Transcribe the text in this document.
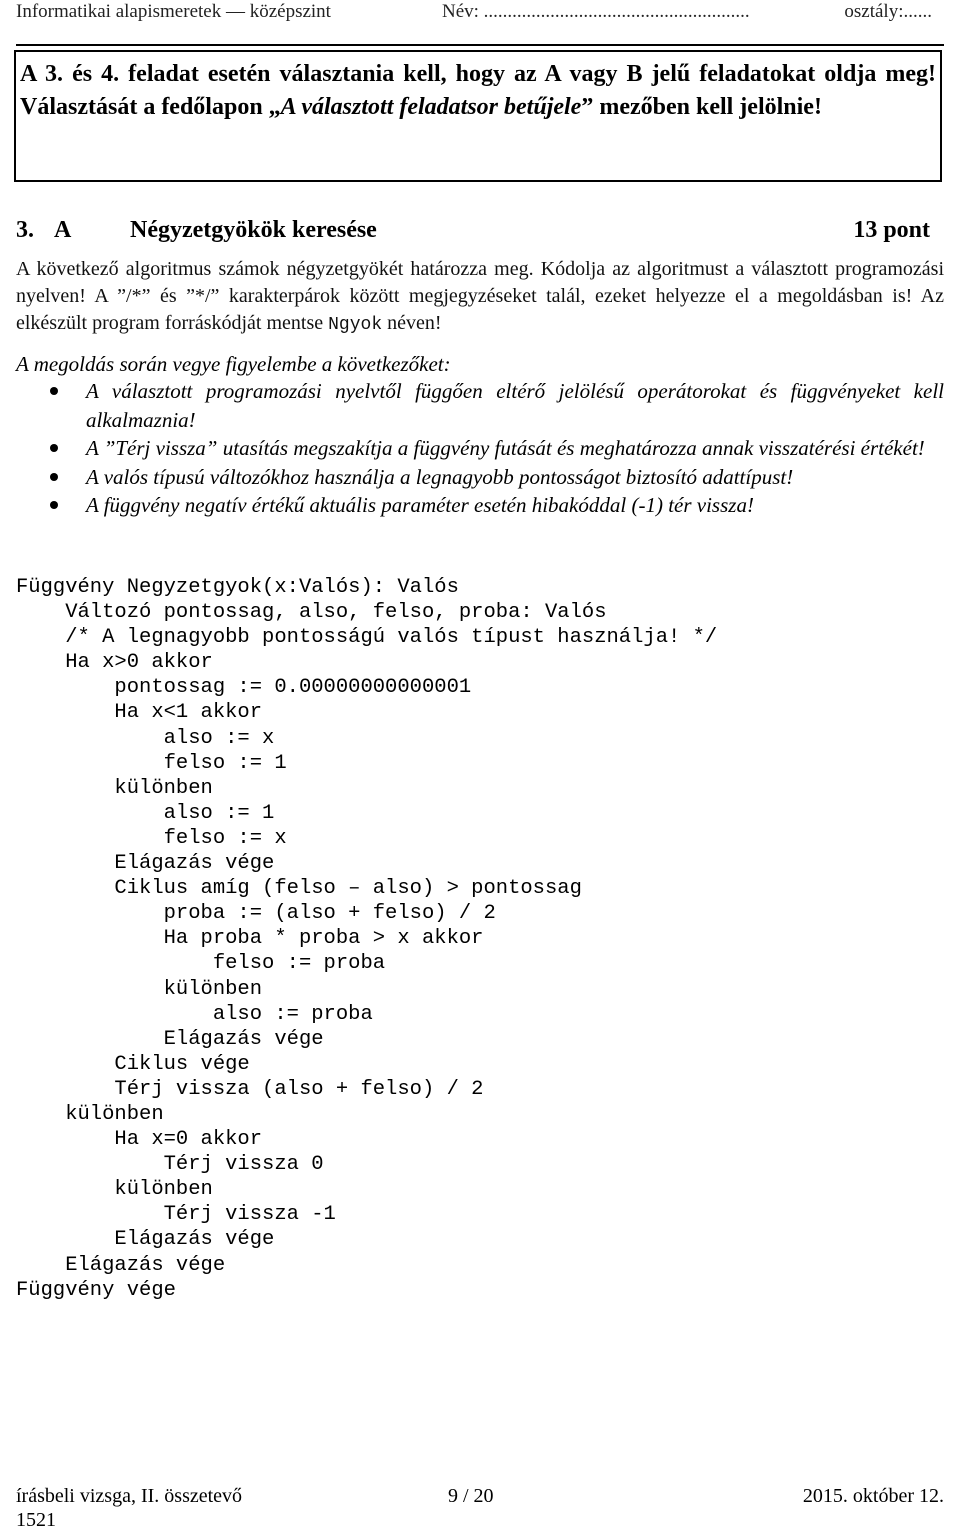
Informatikai alapismeretek — középszint	Név: ........................................................	osztály:......
A 3. és 4. feladat esetén választania kell, hogy az A vagy B jelű feladatokat oldja meg! Választását a fedőlapon „A választott feladatsor betűjele” mezőben kell jelölnie!
3. A Négyzetgyökök keresése	13 pont
A következő algoritmus számok négyzetgyökét határozza meg. Kódolja az algoritmust a választott programozási nyelven! A ”/*” és ”*/” karakterpárok között megjegyzéseket talál, ezeket helyezze el a megoldásban is! Az elkészült program forráskódját mentse Ngyok néven!
A megoldás során vegye figyelembe a következőket:
A választott programozási nyelvtől függően eltérő jelölésű operátorokat és függvényeket kell alkalmaznia!
A ”Térj vissza” utasítás megszakítja a függvény futását és meghatározza annak visszatérési értékét!
A valós típusú változókhoz használja a legnagyobb pontosságot biztosító adattípust!
A függvény negatív értékű aktuális paraméter esetén hibakóddal (-1) tér vissza!
Függvény Negyzetgyok(x:Valós): Valós
Változó pontossag, also, felso, proba: Valós
/* A legnagyobb pontosságú valós típust használja! */
Ha x>0 akkor
pontossag := 0.00000000000001
Ha x<1 akkor
also := x
felso := 1
különben
also := 1
felso := x
Elágazás vége
Ciklus amíg (felso – also) > pontossag
proba := (also + felso) / 2
Ha proba * proba > x akkor
felso := proba
különben
also := proba
Elágazás vége
Ciklus vége
Térj vissza (also + felso) / 2
különben
Ha x=0 akkor
Térj vissza 0
különben
Térj vissza -1
Elágazás vége
Elágazás vége
Függvény vége
írásbeli vizsga, II. összetevő	9 / 20	2015. október 12.
1521
